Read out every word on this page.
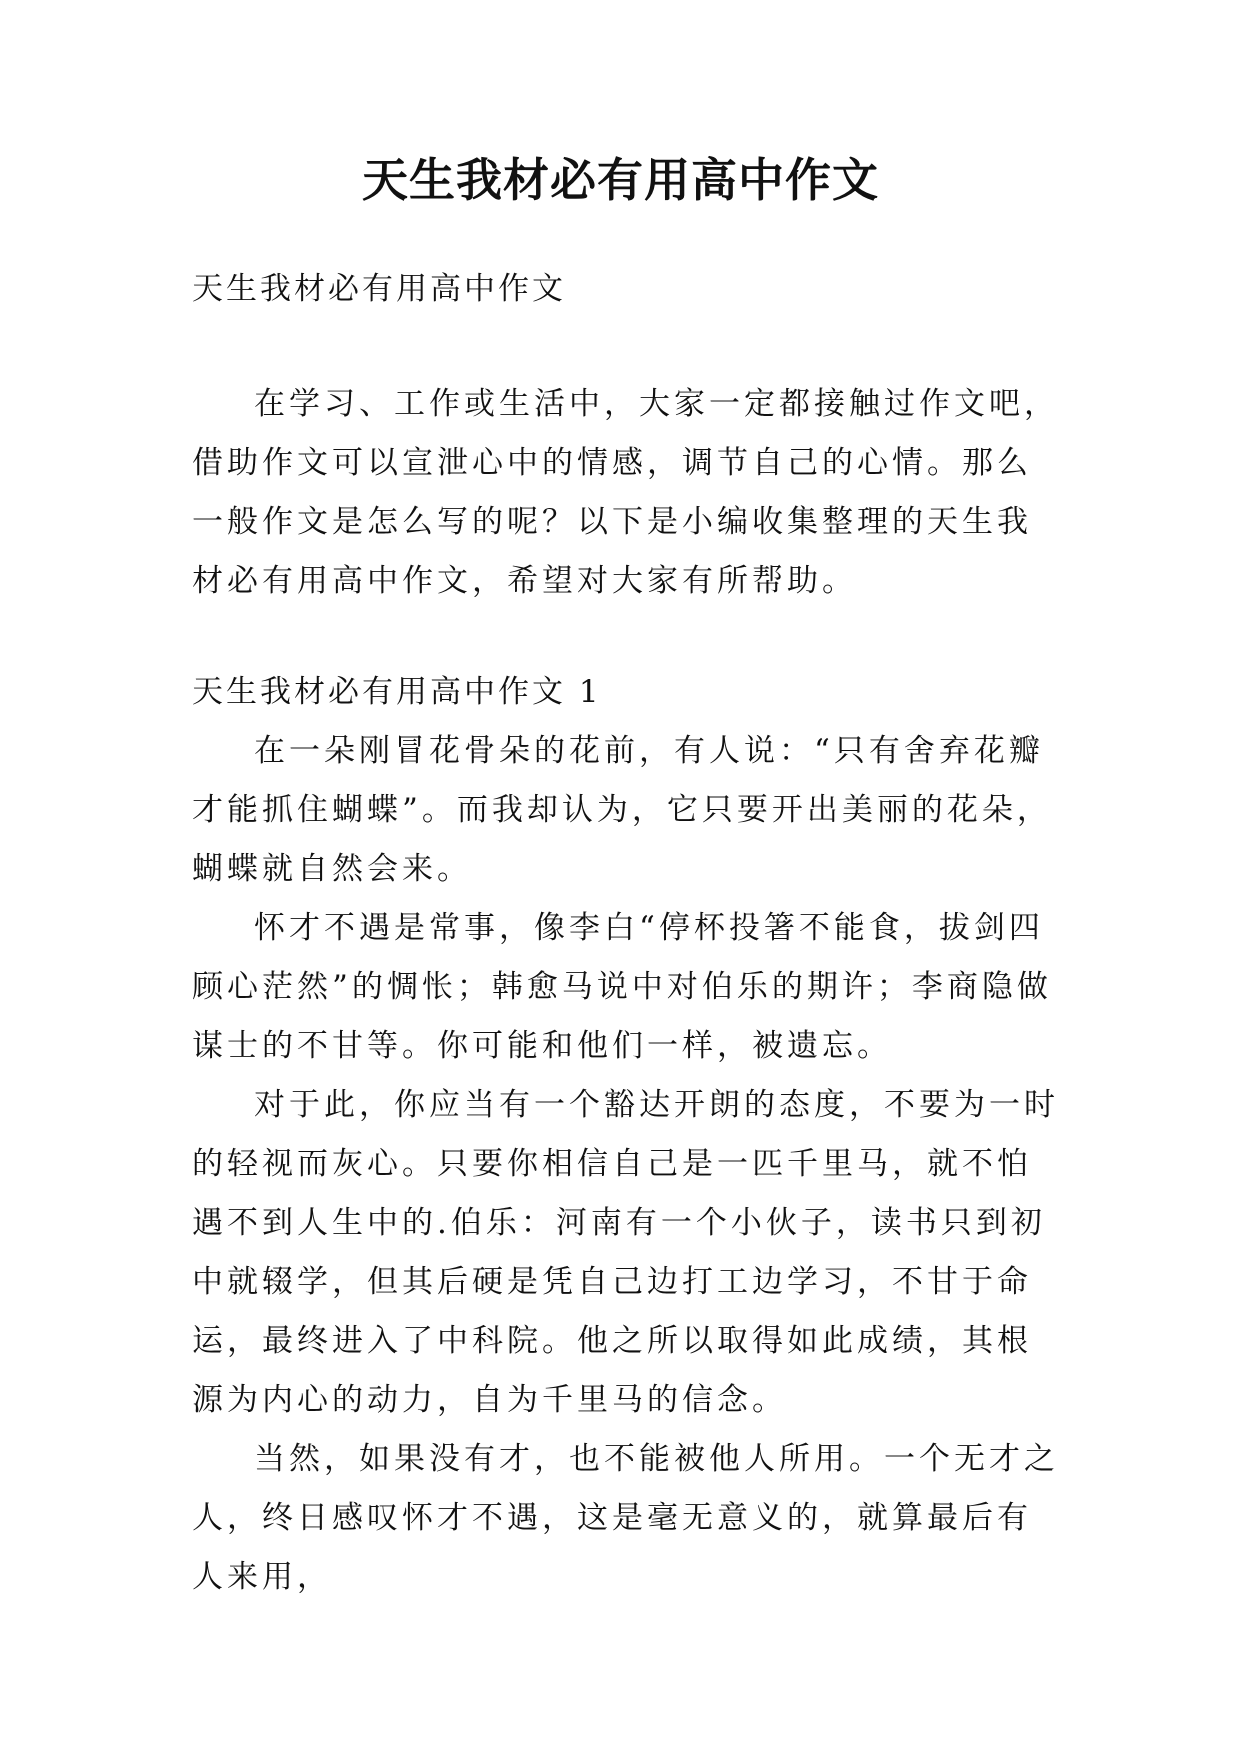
天生我材必有用高中作文

天生我材必有用高中作文

在学习、工作或生活中，大家一定都接触过作文吧，借助作文可以宣泄心中的情感，调节自己的心情。那么一般作文是怎么写的呢？以下是小编收集整理的天生我材必有用高中作文，希望对大家有所帮助。

天生我材必有用高中作文 1

在一朵刚冒花骨朵的花前，有人说：“只有舍弃花瓣才能抓住蝴蝶”。而我却认为，它只要开出美丽的花朵，蝴蝶就自然会来。

怀才不遇是常事，像李白“停杯投箸不能食，拔剑四顾心茫然”的惆怅；韩愈马说中对伯乐的期许；李商隐做谋士的不甘等。你可能和他们一样，被遗忘。

对于此，你应当有一个豁达开朗的态度，不要为一时的轻视而灰心。只要你相信自己是一匹千里马，就不怕遇不到人生中的.伯乐：河南有一个小伙子，读书只到初中就辍学，但其后硬是凭自己边打工边学习，不甘于命运，最终进入了中科院。他之所以取得如此成绩，其根源为内心的动力，自为千里马的信念。

当然，如果没有才，也不能被他人所用。一个无才之人，终日感叹怀才不遇，这是毫无意义的，就算最后有人来用，
